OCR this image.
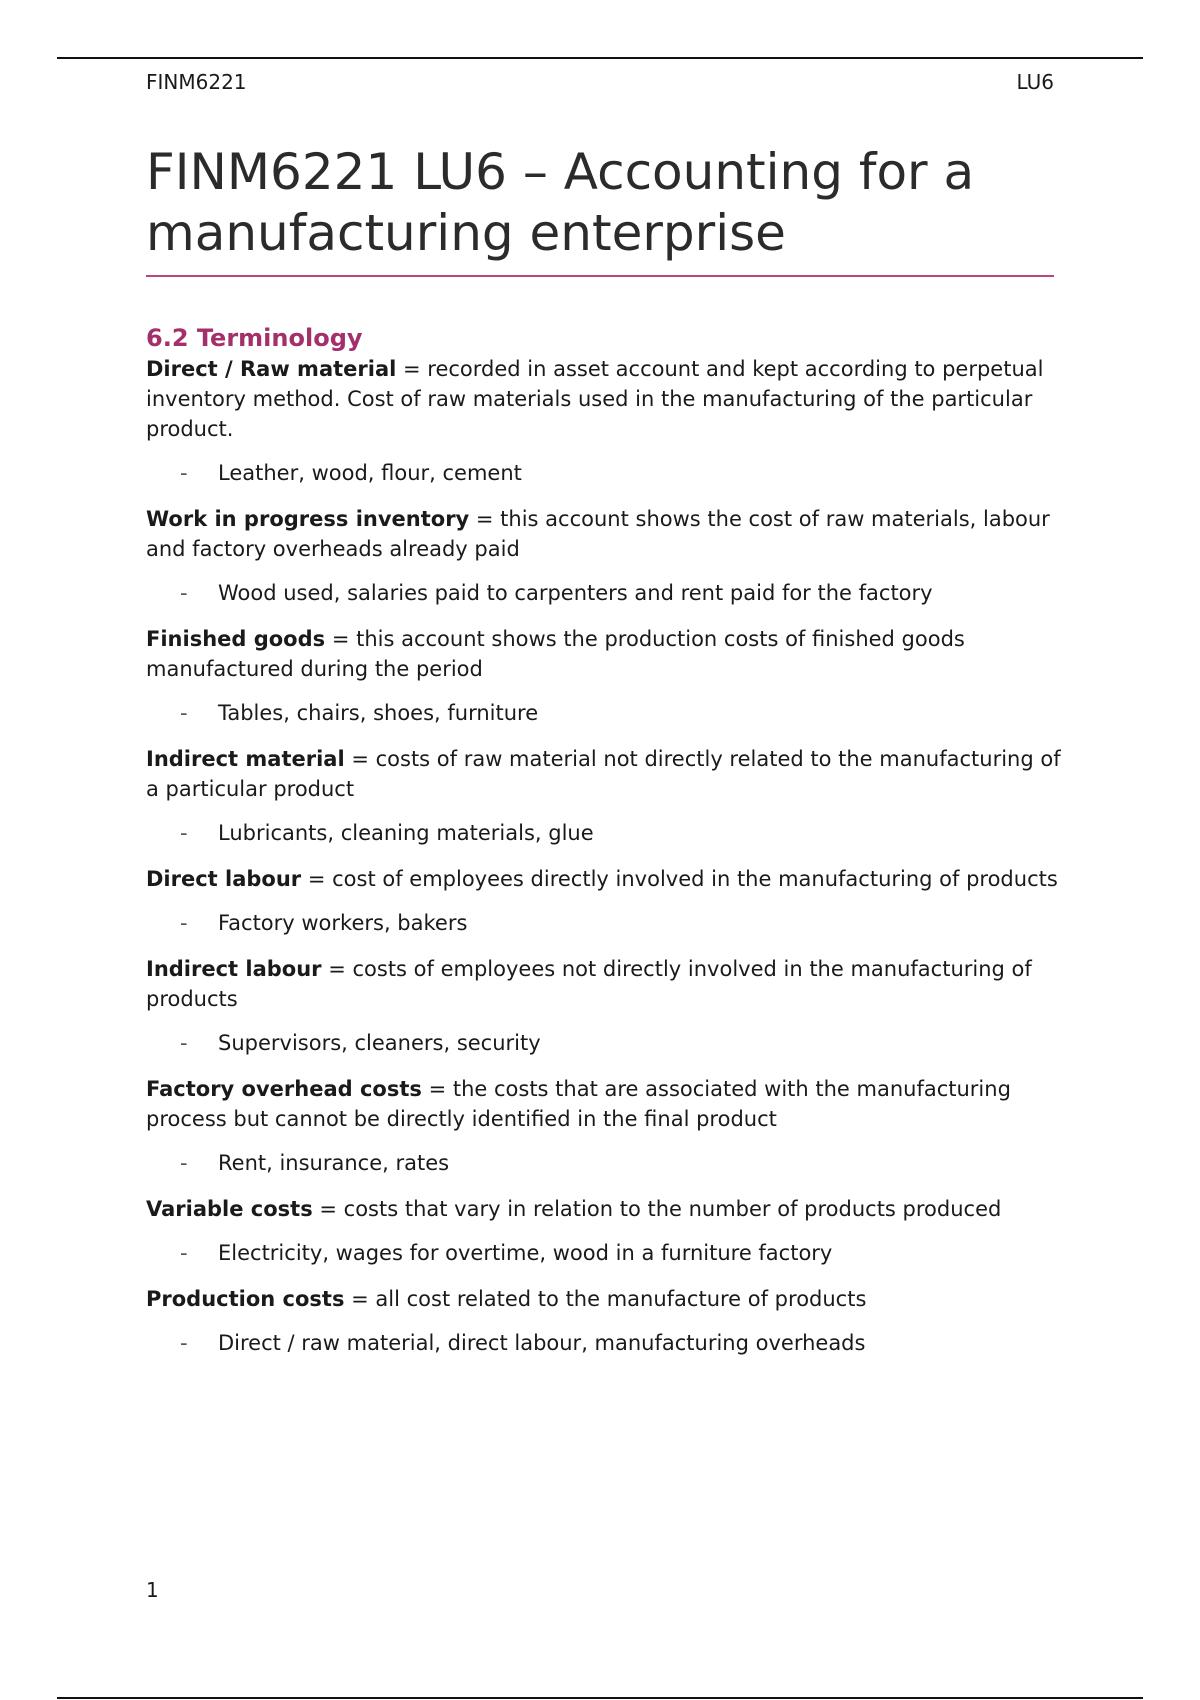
FINM6221	LU6
FINM6221 LU6 – Accounting for a
manufacturing enterprise
6.2 Terminology

Direct / Raw material = recorded in asset account and kept according to perpetual inventory method. Cost of raw materials used in the manufacturing of the particular product.

-	Leather, wood, flour, cement

Work in progress inventory = this account shows the cost of raw materials, labour and factory overheads already paid

-	Wood used, salaries paid to carpenters and rent paid for the factory

Finished goods = this account shows the production costs of finished goods manufactured during the period

-	Tables, chairs, shoes, furniture

Indirect material = costs of raw material not directly related to the manufacturing of a particular product

-	Lubricants, cleaning materials, glue

Direct labour = cost of employees directly involved in the manufacturing of products

-	Factory workers, bakers

Indirect labour = costs of employees not directly involved in the manufacturing of products

-	Supervisors, cleaners, security

Factory overhead costs = the costs that are associated with the manufacturing process but cannot be directly identified in the final product

-	Rent, insurance, rates

Variable costs = costs that vary in relation to the number of products produced

-	Electricity, wages for overtime, wood in a furniture factory

Production costs = all cost related to the manufacture of products

-	Direct / raw material, direct labour, manufacturing overheads
1
